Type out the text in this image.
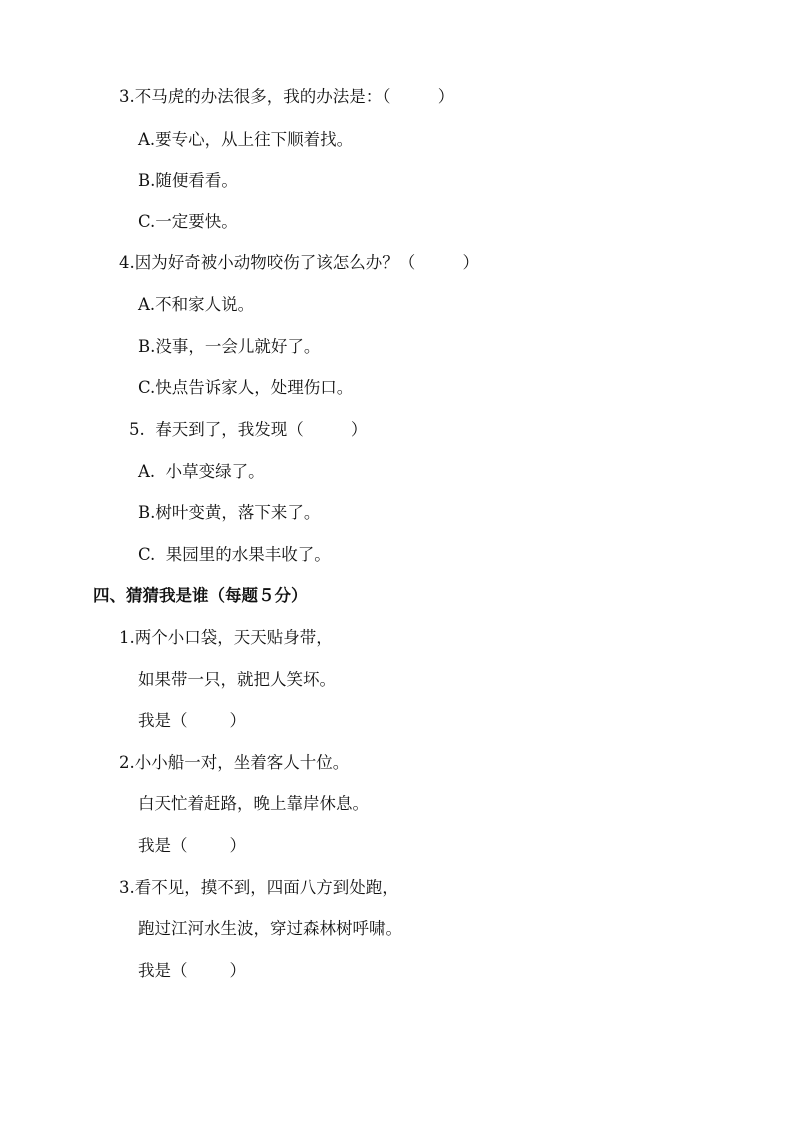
3.不马虎的办法很多，我的办法是：（         ）
A.要专心，从上往下顺着找。
B.随便看看。
C.一定要快。
4.因为好奇被小动物咬伤了该怎么办？（         ）
A.不和家人说。
B.没事，一会儿就好了。
C.快点告诉家人，处理伤口。
5.  春天到了，我发现（         ）
A.  小草变绿了。
B.树叶变黄，落下来了。
C.  果园里的水果丰收了。
四、猜猜我是谁（每题５分）
1.两个小口袋，天天贴身带，
如果带一只，就把人笑坏。
我是（        ）
2.小小船一对，坐着客人十位。
白天忙着赶路，晚上靠岸休息。
我是（        ）
3.看不见，摸不到，四面八方到处跑，
跑过江河水生波，穿过森林树呼啸。
我是（        ）
